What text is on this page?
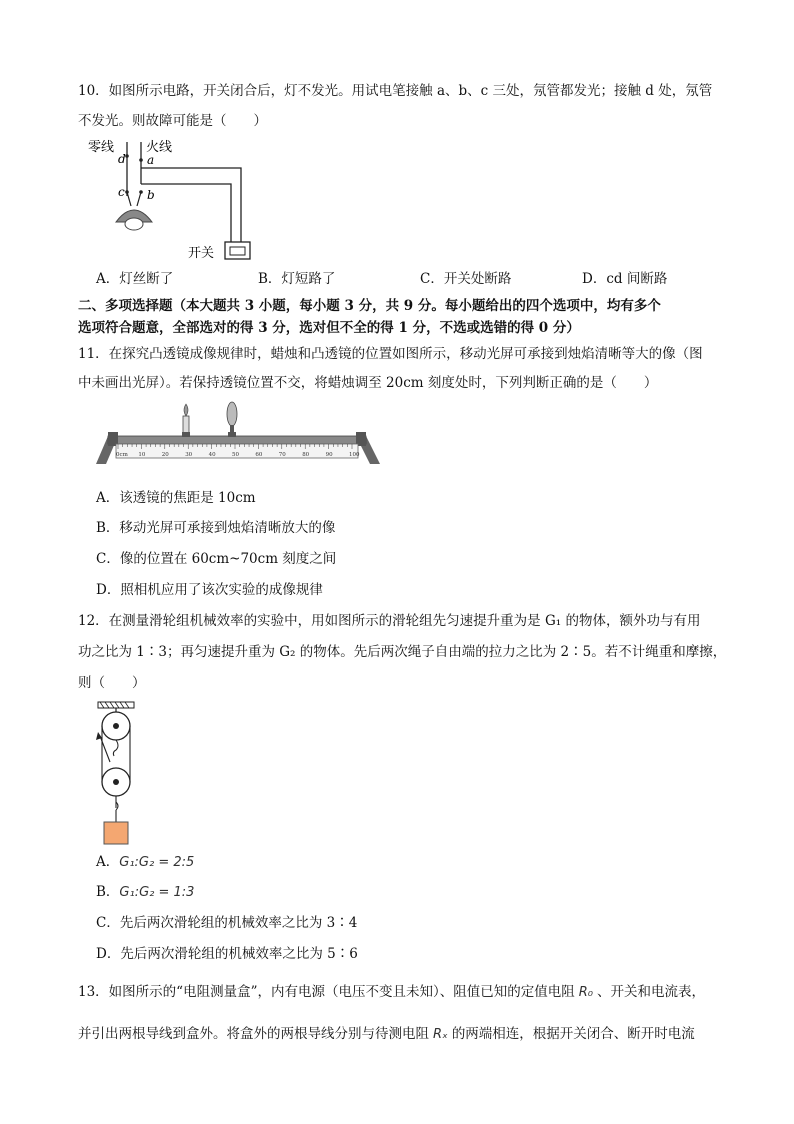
10．如图所示电路，开关闭合后，灯不发光。用试电笔接触 a、b、c 三处，氖管都发光；接触 d 处，氖管
不发光。则故障可能是（　　）
零线 火线
d a
c b
开关
A．灯丝断了	B．灯短路了	C．开关处断路	D．cd 间断路
二、多项选择题（本大题共 3 小题，每小题 3 分，共 9 分。每小题给出的四个选项中，均有多个
选项符合题意，全部选对的得 3 分，选对但不全的得 1 分，不选或选错的得 0 分）
11．在探究凸透镜成像规律时，蜡烛和凸透镜的位置如图所示，移动光屏可承接到烛焰清晰等大的像（图
中未画出光屏）。若保持透镜位置不交，将蜡烛调至 20cm 刻度处时，下列判断正确的是（　　）
0cm 10	20	30	40	50	60	70	80	90	100
A．该透镜的焦距是 10cm
B．移动光屏可承接到烛焰清晰放大的像
C．像的位置在 60cm~70cm 刻度之间
D．照相机应用了该次实验的成像规律
12．在测量滑轮组机械效率的实验中，用如图所示的滑轮组先匀速提升重为是 G₁ 的物体，额外功与有用
功之比为 1∶3；再匀速提升重为 G₂ 的物体。先后两次绳子自由端的拉力之比为 2∶5。若不计绳重和摩擦，
则（　　）
A．G₁:G₂ = 2:5
B．G₁:G₂ = 1:3
C．先后两次滑轮组的机械效率之比为 3∶4
D．先后两次滑轮组的机械效率之比为 5∶6
13．如图所示的“电阻测量盒”，内有电源（电压不变且未知）、阻值已知的定值电阻 R₀ 、开关和电流表，
并引出两根导线到盒外。将盒外的两根导线分别与待测电阻 Rₓ 的两端相连，根据开关闭合、断开时电流
